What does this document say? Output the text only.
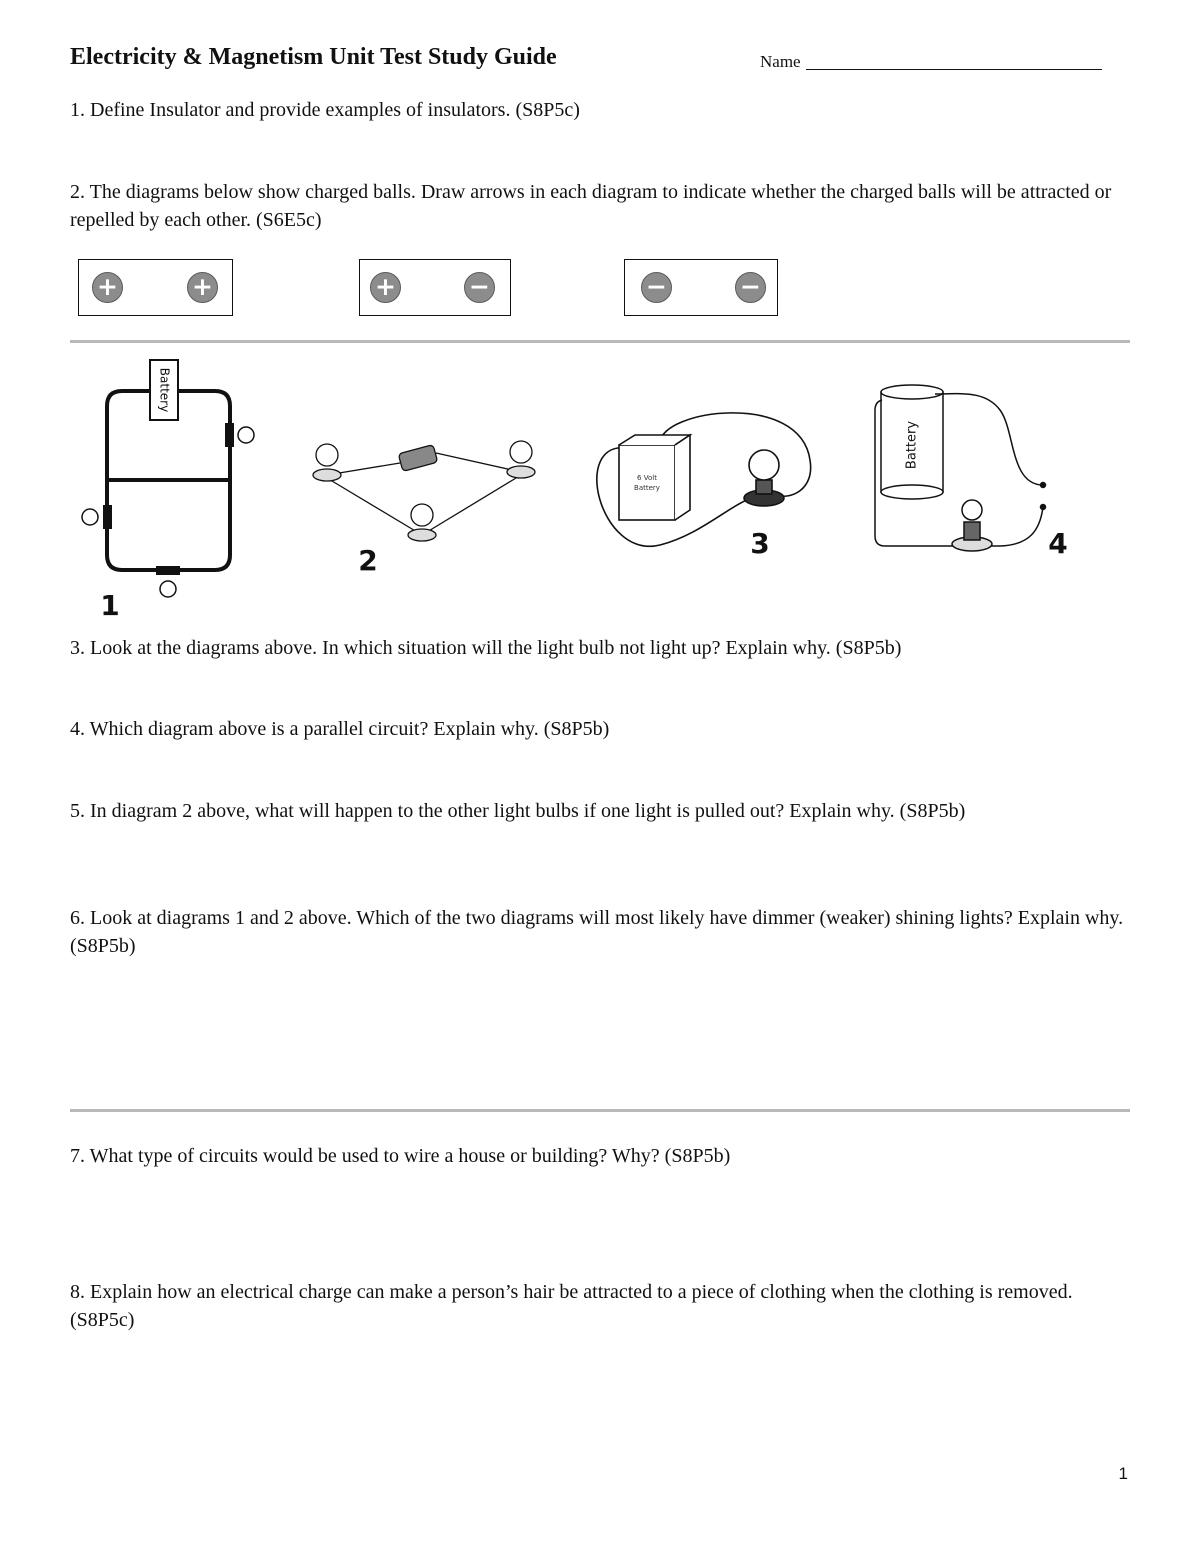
Electricity & Magnetism Unit Test Study Guide	Name
1. Define Insulator and provide examples of insulators. (S8P5c)
2. The diagrams below show charged balls. Draw arrows in each diagram to indicate whether the charged balls will be attracted or repelled by each other. (S6E5c)
+	+	+	−	−	−
Battery
1
2
6 Volt
Battery
3
Battery
4
3. Look at the diagrams above. In which situation will the light bulb not light up? Explain why. (S8P5b)
4. Which diagram above is a parallel circuit? Explain why. (S8P5b)
5. In diagram 2 above, what will happen to the other light bulbs if one light is pulled out? Explain why. (S8P5b)
6. Look at diagrams 1 and 2 above. Which of the two diagrams will most likely have dimmer (weaker) shining lights? Explain why. (S8P5b)
7. What type of circuits would be used to wire a house or building? Why? (S8P5b)
8. Explain how an electrical charge can make a person’s hair be attracted to a piece of clothing when the clothing is removed. (S8P5c)
1
